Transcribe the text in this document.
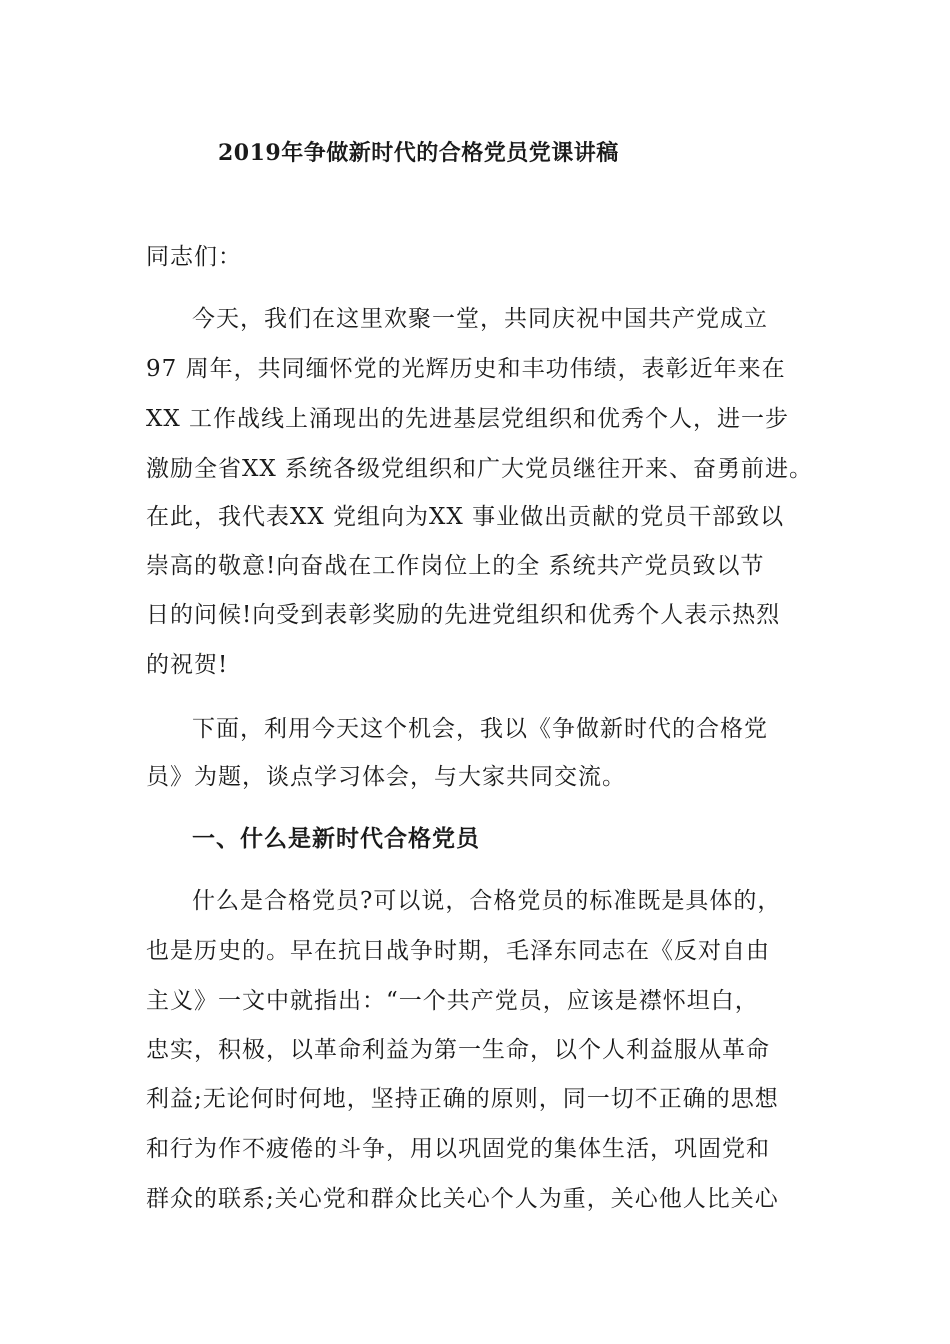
2019年争做新时代的合格党员党课讲稿
同志们：
今天，我们在这里欢聚一堂，共同庆祝中国共产党成立
97 周年，共同缅怀党的光辉历史和丰功伟绩，表彰近年来在
XX 工作战线上涌现出的先进基层党组织和优秀个人，进一步
激励全省XX 系统各级党组织和广大党员继往开来、奋勇前进。
在此，我代表XX 党组向为XX 事业做出贡献的党员干部致以
崇高的敬意!向奋战在工作岗位上的全 系统共产党员致以节
日的问候!向受到表彰奖励的先进党组织和优秀个人表示热烈
的祝贺!
下面，利用今天这个机会，我以《争做新时代的合格党
员》为题，谈点学习体会，与大家共同交流。
一、什么是新时代合格党员
什么是合格党员?可以说，合格党员的标准既是具体的，
也是历史的。早在抗日战争时期，毛泽东同志在《反对自由
主义》一文中就指出：“一个共产党员，应该是襟怀坦白，
忠实，积极，以革命利益为第一生命，以个人利益服从革命
利益;无论何时何地，坚持正确的原则，同一切不正确的思想
和行为作不疲倦的斗争，用以巩固党的集体生活，巩固党和
群众的联系;关心党和群众比关心个人为重，关心他人比关心
